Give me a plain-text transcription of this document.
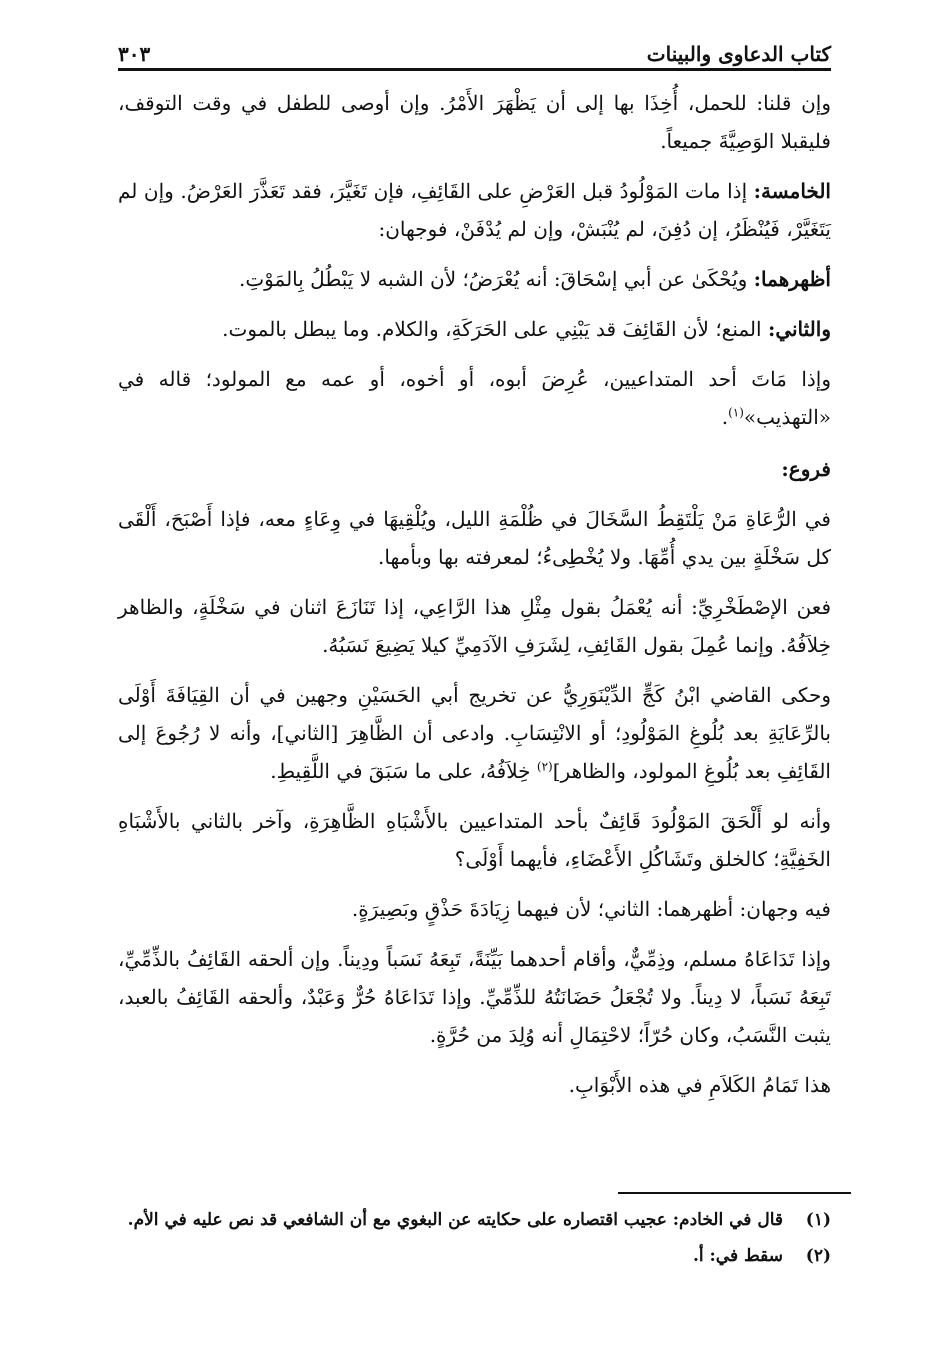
كتاب الدعاوى والبينات
٣٠٣

وإن قلنا: للحمل، أُخِذَا بها إلى أن يَظْهَرَ الأَمْرُ. وإن أوصى للطفل في وقت التوقف، فليقبلا الوَصِيَّةَ جميعاً.

الخامسة: إذا مات المَوْلُودُ قبل العَرْضِ على القَائِفِ، فإن تَغَيَّرَ، فقد تَعَذَّرَ العَرْضُ. وإن لم يَتَغَيَّرْ، فَيُنْظَرُ، إن دُفِنَ، لم يُنْبَشْ، وإن لم يُدْفَنْ، فوجهان:

أظهرهما: ويُحْكَىٰ عن أبي إسْحَاقَ: أنه يُعْرَضُ؛ لأن الشبه لا يَبْطُلُ بِالمَوْتِ.

والثاني: المنع؛ لأن القَائِفَ قد يَبْنِي على الحَرَكَةِ، والكلام. وما يبطل بالموت.

وإذا مَاتَ أحد المتداعيين، عُرِضَ أبوه، أو أخوه، أو عمه مع المولود؛ قاله في «التهذيب»$^{(١)}$.

فروع:

في الرُّعَاةِ مَنْ يَلْتَقِطُ السَّخَالَ في ظُلْمَةِ الليل، ويُلْقِيهَا في وِعَاءٍ معه، فإذا أَصْبَحَ، أَلْقَى كل سَخْلَةٍ بين يدي أُمِّهَا. ولا يُخْطِىءُ؛ لمعرفته بها وبأمها.

فعن الإصْطَخْرِيِّ: أنه يُعْمَلُ بقول مِثْلِ هذا الرَّاعِي، إذا تَنَازَعَ اثنان في سَخْلَةٍ، والظاهر خِلاَفُهُ. وإنما عُمِلَ بقول القَائِفِ، لِشَرَفِ الآدَمِيِّ كيلا يَضِيعَ نَسَبُهُ.

وحكى القاضي ابْنُ كَجٍّ الدِّيْنَوَرِيُّ عن تخريج أبي الحَسَيْنِ وجهين في أن القِيَافَةَ أَوْلَى بالرِّعَايَةِ بعد بُلُوغِ المَوْلُودِ؛ أو الانْتِسَابِ. وادعى أن الظَّاهِرَ [الثاني]، وأنه لا رُجُوعَ إلى القَائِفِ بعد بُلُوغِ المولود، والظاهر]$^{(٢)}$ خِلاَفُهُ، على ما سَبَقَ في اللَّقِيطِ.

وأنه لو أَلْحَقَ المَوْلُودَ قَائِفٌ بأحد المتداعيين بالأَشْبَاهِ الظَّاهِرَةِ، وآخر بالثاني بالأَشْبَاهِ الخَفِيَّةِ؛ كالخلق وتَشَاكُلِ الأَعْضَاءِ، فأيهما أَوْلَى؟

فيه وجهان: أظهرهما: الثاني؛ لأن فيهما زِيَادَةَ حَذْقٍ وبَصِيرَةٍ.

وإذا تَدَاعَاهُ مسلم، وذِمِّيٌّ، وأقام أحدهما بَيِّنَةً، تَبِعَهُ نَسَباً ودِيناً. وإن ألحقه القَائِفُ بالذِّمِّيِّ، تَبِعَهُ نَسَباً، لا دِيناً. ولا تُجْعَلُ حَضَانَتُهُ للذِّمِّيِّ. وإذا تَدَاعَاهُ حُرٌّ وَعَبْدٌ، وألحقه القَائِفُ بالعبد، يثبت النَّسَبُ، وكان حُرّاً؛ لاحْتِمَالِ أنه وُلِدَ من حُرَّةٍ.

هذا تَمَامُ الكَلاَمِ في هذه الأَبْوَابِ.

(١)
قال في الخادم: عجيب اقتصاره على حكايته عن البغوي مع أن الشافعي قد نص عليه في الأم.
(٢)
سقط في: أ.
